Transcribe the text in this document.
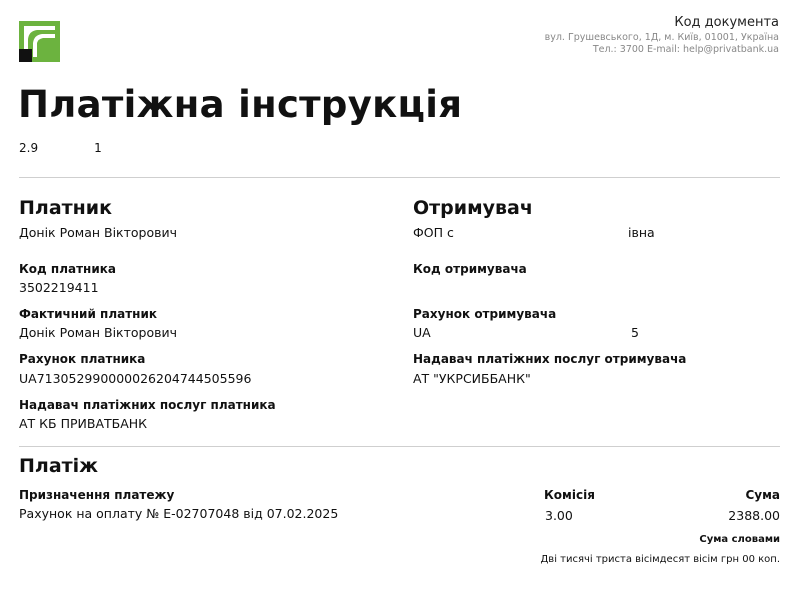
Код документа
вул. Грушевського, 1Д, м. Київ, 01001, Україна
Тел.: 3700 E-mail: help@privatbank.ua
Платіжна інструкція
2.9	1
Платник
Донік Роман Вікторович
Код платника
3502219411
Фактичний платник
Донік Роман Вікторович
Рахунок платника
UA713052990000026204744505596
Надавач платіжних послуг платника
АТ КБ ПРИВАТБАНК
Отримувач
ФОП с	івна
Код отримувача
Рахунок отримувача
UA	5
Надавач платіжних послуг отримувача
АТ "УКРСИББАНК"
Платіж
Призначення платежу
Рахунок на оплату № Е-02707048 від 07.02.2025
Комісія
3.00
Сума
2388.00
Сума словами
Дві тисячі триста вісімдесят вісім грн 00 коп.
